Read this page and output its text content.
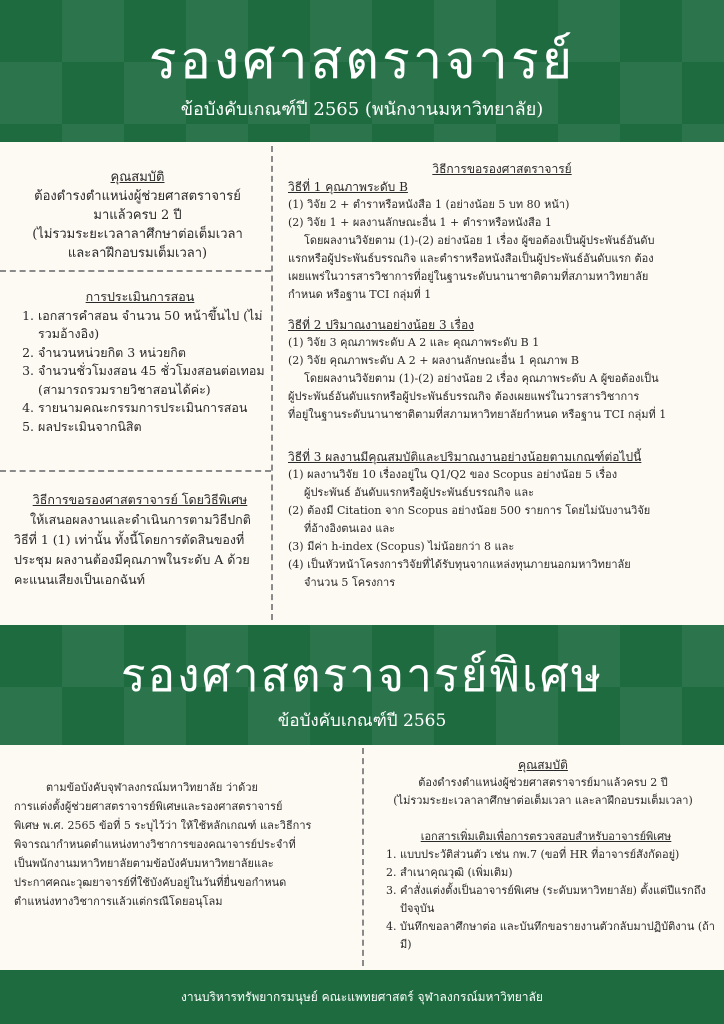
รองศาสตราจารย์
ข้อบังคับเกณฑ์ปี 2565 (พนักงานมหาวิทยาลัย)
คุณสมบัติ
ต้องดำรงตำแหน่งผู้ช่วยศาสตราจารย์
มาแล้วครบ 2 ปี
(ไม่รวมระยะเวลาลาศึกษาต่อเต็มเวลา
และลาฝึกอบรมเต็มเวลา)
การประเมินการสอน
1. เอกสารคำสอน จำนวน 50 หน้าขึ้นไป (ไม่รวมอ้างอิง)
2. จำนวนหน่วยกิต 3 หน่วยกิต
3. จำนวนชั่วโมงสอน 45 ชั่วโมงสอนต่อเทอม (สามารถรวมรายวิชาสอนได้ค่ะ)
4. รายนามคณะกรรมการประเมินการสอน
5. ผลประเมินจากนิสิต
วิธีการขอรองศาสตราจารย์ โดยวิธีพิเศษ
ให้เสนอผลงานและดำเนินการตามวิธีปกติ
วิธีที่ 1 (1) เท่านั้น ทั้งนี้โดยการตัดสินของที่
ประชุม ผลงานต้องมีคุณภาพในระดับ A ด้วย
คะแนนเสียงเป็นเอกฉันท์
วิธีการขอรองศาสตราจารย์
วิธีที่ 1 คุณภาพระดับ B
(1) วิจัย 2 + ตำราหรือหนังสือ 1 (อย่างน้อย 5 บท 80 หน้า)
(2) วิจัย 1 + ผลงานลักษณะอื่น 1 + ตำราหรือหนังสือ 1
โดยผลงานวิจัยตาม (1)-(2) อย่างน้อย 1 เรื่อง ผู้ขอต้องเป็นผู้ประพันธ์อันดับ
แรกหรือผู้ประพันธ์บรรณกิจ และตำราหรือหนังสือเป็นผู้ประพันธ์อันดับแรก ต้อง
เผยแพร่ในวารสารวิชาการที่อยู่ในฐานระดับนานาชาติตามที่สภามหาวิทยาลัย
กำหนด หรือฐาน TCI กลุ่มที่ 1
วิธีที่ 2 ปริมาณงานอย่างน้อย 3 เรื่อง
(1) วิจัย 3 คุณภาพระดับ A 2 และ คุณภาพระดับ B 1
(2) วิจัย คุณภาพระดับ A 2 + ผลงานลักษณะอื่น 1 คุณภาพ B
โดยผลงานวิจัยตาม (1)-(2) อย่างน้อย 2 เรื่อง คุณภาพระดับ A ผู้ขอต้องเป็น
ผู้ประพันธ์อันดับแรกหรือผู้ประพันธ์บรรณกิจ ต้องเผยแพร่ในวารสารวิชาการ
ที่อยู่ในฐานระดับนานาชาติตามที่สภามหาวิทยาลัยกำหนด หรือฐาน TCI กลุ่มที่ 1
วิธีที่ 3 ผลงานมีคุณสมบัติและปริมาณงานอย่างน้อยตามเกณฑ์ต่อไปนี้
(1) ผลงานวิจัย 10 เรื่องอยู่ใน Q1/Q2 ของ Scopus อย่างน้อย 5 เรื่อง
ผู้ประพันธ์ อันดับแรกหรือผู้ประพันธ์บรรณกิจ และ
(2) ต้องมี Citation จาก Scopus อย่างน้อย 500 รายการ โดยไม่นับงานวิจัย
ที่อ้างอิงตนเอง และ
(3) มีค่า h-index (Scopus) ไม่น้อยกว่า 8 และ
(4) เป็นหัวหน้าโครงการวิจัยที่ได้รับทุนจากแหล่งทุนภายนอกมหาวิทยาลัย
จำนวน 5 โครงการ
รองศาสตราจารย์พิเศษ
ข้อบังคับเกณฑ์ปี 2565
ตามข้อบังคับจุฬาลงกรณ์มหาวิทยาลัย ว่าด้วย
การแต่งตั้งผู้ช่วยศาสตราจารย์พิเศษและรองศาสตราจารย์
พิเศษ พ.ศ. 2565 ข้อที่ 5 ระบุไว้ว่า ให้ใช้หลักเกณฑ์ และวิธีการ
พิจารณากำหนดตำแหน่งทางวิชาการของคณาจารย์ประจำที่
เป็นพนักงานมหาวิทยาลัยตามข้อบังคับมหาวิทยาลัยและ
ประกาศคณะวุฒยาจารย์ที่ใช้บังคับอยู่ในวันที่ยื่นขอกำหนด
ตำแหน่งทางวิชาการแล้วแต่กรณีโดยอนุโลม
คุณสมบัติ
ต้องดำรงตำแหน่งผู้ช่วยศาสตราจารย์มาแล้วครบ 2 ปี
(ไม่รวมระยะเวลาลาศึกษาต่อเต็มเวลา และลาฝึกอบรมเต็มเวลา)
เอกสารเพิ่มเติมเพื่อการตรวจสอบสำหรับอาจารย์พิเศษ
1. แบบประวัติส่วนตัว เช่น กพ.7 (ขอที่ HR ที่อาจารย์สังกัดอยู่)
2. สำเนาคุณวุฒิ (เพิ่มเติม)
3. คำสั่งแต่งตั้งเป็นอาจารย์พิเศษ (ระดับมหาวิทยาลัย) ตั้งแต่ปีแรกถึงปัจจุบัน
4. บันทึกขอลาศึกษาต่อ และบันทึกขอรายงานตัวกลับมาปฏิบัติงาน (ถ้ามี)
งานบริหารทรัพยากรมนุษย์ คณะแพทยศาสตร์ จุฬาลงกรณ์มหาวิทยาลัย
